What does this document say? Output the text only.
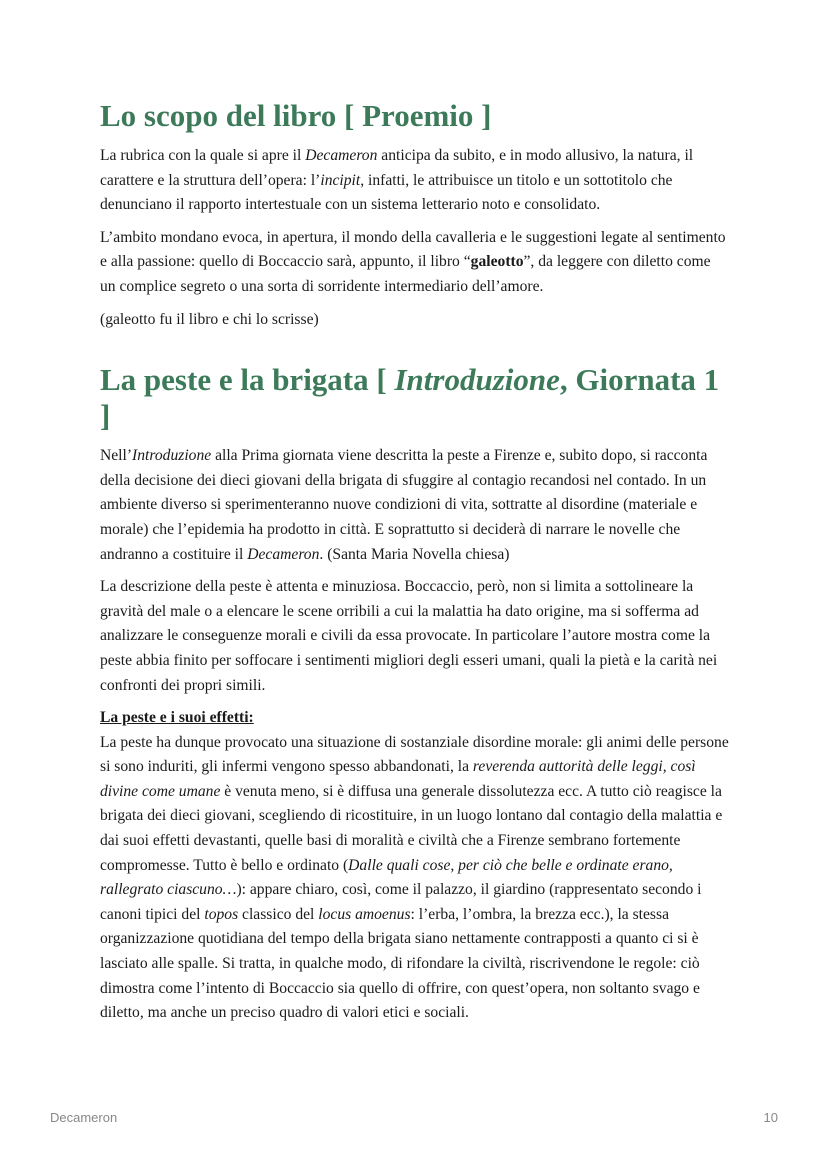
Lo scopo del libro [ Proemio ]

La rubrica con la quale si apre il Decameron anticipa da subito, e in modo allusivo, la natura, il carattere e la struttura dell’opera: l’incipit, infatti, le attribuisce un titolo e un sottotitolo che denunciano il rapporto intertestuale con un sistema letterario noto e consolidato.

L’ambito mondano evoca, in apertura, il mondo della cavalleria e le suggestioni legate al sentimento e alla passione: quello di Boccaccio sarà, appunto, il libro “galeotto”, da leggere con diletto come un complice segreto o una sorta di sorridente intermediario dell’amore.

(galeotto fu il libro e chi lo scrisse)

La peste e la brigata [ Introduzione, Giornata 1 ]

Nell’Introduzione alla Prima giornata viene descritta la peste a Firenze e, subito dopo, si racconta della decisione dei dieci giovani della brigata di sfuggire al contagio recandosi nel contado. In un ambiente diverso si sperimenteranno nuove condizioni di vita, sottratte al disordine (materiale e morale) che l’epidemia ha prodotto in città. E soprattutto si deciderà di narrare le novelle che andranno a costituire il Decameron. (Santa Maria Novella chiesa)

La descrizione della peste è attenta e minuziosa. Boccaccio, però, non si limita a sottolineare la gravità del male o a elencare le scene orribili a cui la malattia ha dato origine, ma si sofferma ad analizzare le conseguenze morali e civili da essa provocate. In particolare l’autore mostra come la peste abbia finito per soffocare i sentimenti migliori degli esseri umani, quali la pietà e la carità nei confronti dei propri simili.

La peste e i suoi effetti:

La peste ha dunque provocato una situazione di sostanziale disordine morale: gli animi delle persone si sono induriti, gli infermi vengono spesso abbandonati, la reverenda auttorità delle leggi, così divine come umane è venuta meno, si è diffusa una generale dissolutezza ecc. A tutto ciò reagisce la brigata dei dieci giovani, scegliendo di ricostituire, in un luogo lontano dal contagio della malattia e dai suoi effetti devastanti, quelle basi di moralità e civiltà che a Firenze sembrano fortemente compromesse. Tutto è bello e ordinato (Dalle quali cose, per ciò che belle e ordinate erano, rallegrato ciascuno…): appare chiaro, così, come il palazzo, il giardino (rappresentato secondo i canoni tipici del topos classico del locus amoenus: l’erba, l’ombra, la brezza ecc.), la stessa organizzazione quotidiana del tempo della brigata siano nettamente contrapposti a quanto ci si è lasciato alle spalle. Si tratta, in qualche modo, di rifondare la civiltà, riscrivendone le regole: ciò dimostra come l’intento di Boccaccio sia quello di offrire, con quest’opera, non soltanto svago e diletto, ma anche un preciso quadro di valori etici e sociali.

Decameron	10
